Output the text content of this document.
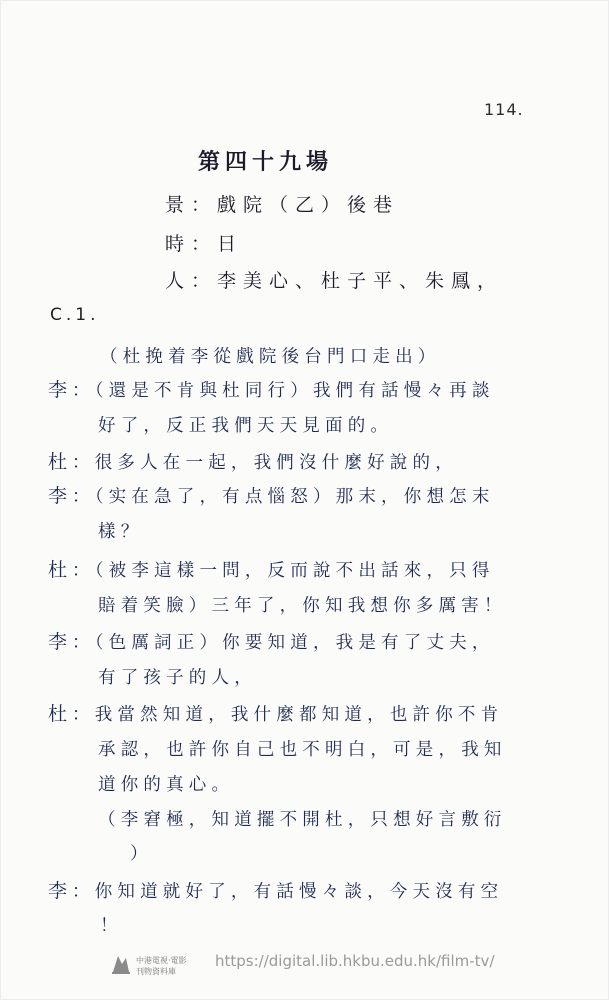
114.
第四十九場
景：戲院（乙）後巷
時：日
人：李美心、杜子平、朱鳳，
C.1.
（杜挽着李從戲院後台門口走出）
李 ：（還是不肯與杜同行）我們有話慢々再談
好了，反正我們天天見面的。
杜 ：很多人在一起，我們沒什麼好說的，
李 ：（实在急了，有点惱怒）那末，你想怎末
樣？
杜 ：（被李這樣一問，反而說不出話來，只得
賠着笑臉）三年了，你知我想你多厲害！
李 ：（色厲詞正）你要知道，我是有了丈夫，
有了孩子的人，
杜 ：我當然知道，我什麼都知道，也許你不肯
承認，也許你自己也不明白，可是，我知
道你的真心。
（李窘極，知道擺不開杜，只想好言敷衍
）
李 ：你知道就好了，有話慢々談，今天沒有空
！
中港電視·電影
刊物資料庫
https://digital.lib.hkbu.edu.hk/film-tv/
